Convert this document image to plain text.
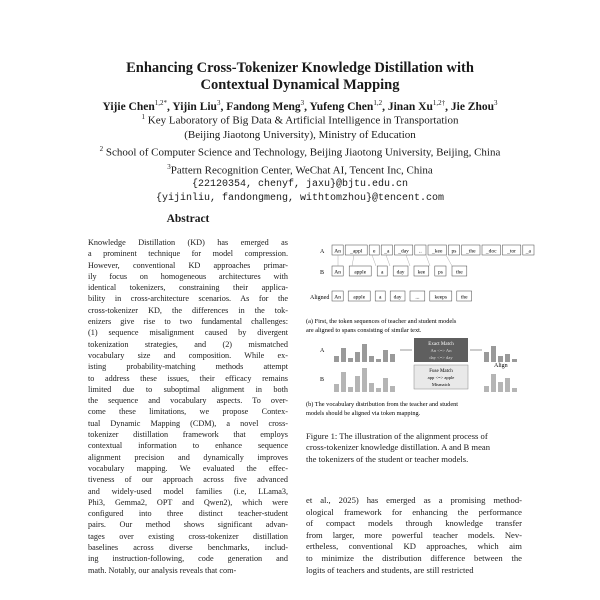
Enhancing Cross-Tokenizer Knowledge Distillation with
Contextual Dynamical Mapping
Yijie Chen$^{1,2*}$, Yijin Liu$^3$, Fandong Meng$^3$, Yufeng Chen$^{1,2}$, Jinan $Xu^{1,2\dagger}$, Jie Zhou$^3$
$^1$ Key Laboratory of Big Data & Artificial Intelligence in Transportation
(Beijing Jiaotong University), Ministry of Education
$^2$ School of Computer Science and Technology, Beijing Jiaotong University, Beijing, China
$^3$Pattern Recognition Center, WeChat AI, Tencent Inc, China
{22120354, chenyf, jaxu}@bjtu.edu.cn
{yijinliu, fandongmeng, withtomzhou}@tencent.com
Abstract
Knowledge Distillation (KD) has emerged as
a prominent technique for model compression.
However, conventional KD approaches primar-
ily focus on homogeneous architectures with
identical tokenizers, constraining their applica-
bility in cross-architecture scenarios. As for the
cross-tokenizer KD, the differences in the tok-
enizers give rise to two fundamental challenges:
(1) sequence misalignment caused by divergent
tokenization strategies, and (2) mismatched
vocabulary size and composition. While ex-
isting probability-matching methods attempt
to address these issues, their efficacy remains
limited due to suboptimal alignment in both
the sequence and vocabulary aspects. To over-
come these limitations, we propose Contex-
tual Dynamic Mapping (CDM), a novel cross-
tokenizer distillation framework that employs
contextual information to enhance sequence
alignment precision and dynamically improves
vocabulary mapping. We evaluated the effec-
tiveness of our approach across five advanced
and widely-used model families (i.e, LLama3,
Phi3, Gemma2, OPT and Qwen2), which were
configured into three distinct teacher-student
pairs. Our method shows significant advan-
tages over existing cross-tokenizer distillation
baselines across diverse benchmarks, includ-
ing instruction-following, code generation and
math. Notably, our analysis reveals that com-
A
B
Aligned
An _appl e _a _day .. _kee ps _the _doc _tor _a
An apple	a day kee ps the
An apple	a day	...	keeps	the
(a) First, the token sequences of teacher and student models
are aligned to spans consisting of similar text.
A
B
Exact Match
An <=> An
day <=> day
Fuse Match
app <=> apple
Mismatch
Align
(b) The vocabulary distribution from the teacher and student
models should be aligned via token mapping.
Figure 1: The illustration of the alignment process of
cross-tokenizer knowledge distillation. A and B mean
the tokenizers of the student or teacher models.
et al., 2025) has emerged as a promising method-
ological framework for enhancing the performance
of compact models through knowledge transfer
from larger, more powerful teacher models. Nev-
ertheless, conventional KD approaches, which aim
to minimize the distribution difference between the
logits of teachers and students, are still restricted
